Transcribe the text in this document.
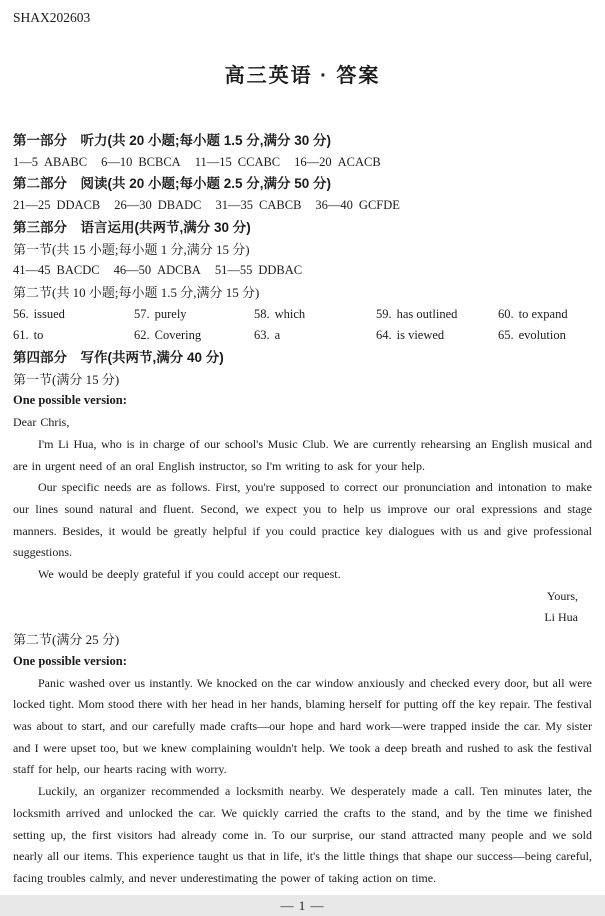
SHAX202603
高三英语 · 答案
第一部分　听力(共 20 小题;每小题 1.5 分,满分 30 分)
1—5 ABABC 6—10 BCBCA 11—15 CCABC 16—20 ACACB
第二部分　阅读(共 20 小题;每小题 2.5 分,满分 50 分)
21—25 DDACB 26—30 DBADC 31—35 CABCB 36—40 GCFDE
第三部分　语言运用(共两节,满分 30 分)
第一节(共 15 小题;每小题 1 分,满分 15 分)
41—45 BACDC 46—50 ADCBA 51—55 DDBAC
第二节(共 10 小题;每小题 1.5 分,满分 15 分)
56. issued	57. purely	58. which	59. has outlined	60. to expand
61. to	62. Covering	63. a	64. is viewed	65. evolution
第四部分　写作(共两节,满分 40 分)
第一节(满分 15 分)
One possible version:
Dear Chris,

I'm Li Hua, who is in charge of our school's Music Club. We are currently rehearsing an English musical and are in urgent need of an oral English instructor, so I'm writing to ask for your help.

Our specific needs are as follows. First, you're supposed to correct our pronunciation and intonation to make our lines sound natural and fluent. Second, we expect you to help us improve our oral expressions and stage manners. Besides, it would be greatly helpful if you could practice key dialogues with us and give professional suggestions.

We would be deeply grateful if you could accept our request.

Yours,
Li Hua
第二节(满分 25 分)
One possible version:

Panic washed over us instantly. We knocked on the car window anxiously and checked every door, but all were locked tight. Mom stood there with her head in her hands, blaming herself for putting off the key repair. The festival was about to start, and our carefully made crafts—our hope and hard work—were trapped inside the car. My sister and I were upset too, but we knew complaining wouldn't help. We took a deep breath and rushed to ask the festival staff for help, our hearts racing with worry.

Luckily, an organizer recommended a locksmith nearby. We desperately made a call. Ten minutes later, the locksmith arrived and unlocked the car. We quickly carried the crafts to the stand, and by the time we finished setting up, the first visitors had already come in. To our surprise, our stand attracted many people and we sold nearly all our items. This experience taught us that in life, it's the little things that shape our success—being careful, facing troubles calmly, and never underestimating the power of taking action on time.

— 1 —
